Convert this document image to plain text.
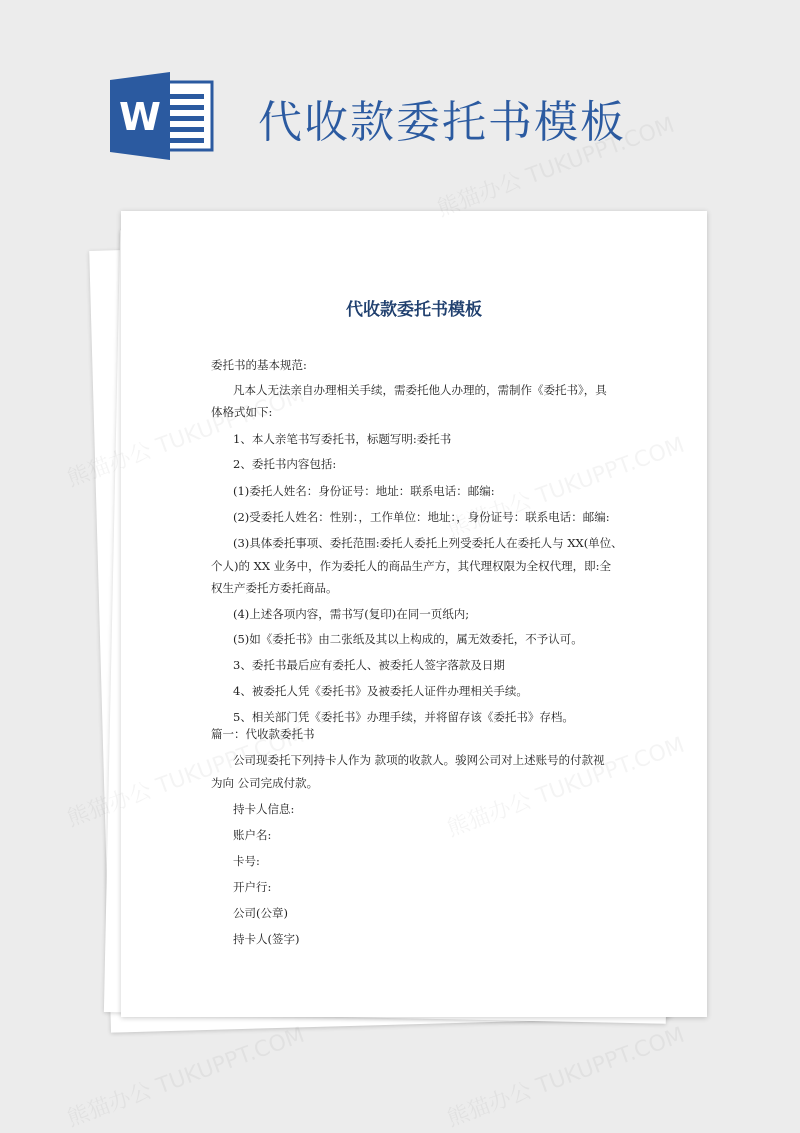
W 代收款委托书模板
代收款委托书模板
委托书的基本规范:
凡本人无法亲自办理相关手续，需委托他人办理的，需制作《委托书》，具
体格式如下:
1、本人亲笔书写委托书，标题写明:委托书
2、委托书内容包括:
(1)委托人姓名：身份证号：地址：联系电话：邮编:
(2)受委托人姓名：性别：，工作单位：地址：，身份证号：联系电话：邮编:
(3)具体委托事项、委托范围:委托人委托上列受委托人在委托人与 XX(单位、
个人)的 XX 业务中，作为委托人的商品生产方，其代理权限为全权代理，即:全
权生产委托方委托商品。
(4)上述各项内容，需书写(复印)在同一页纸内;
(5)如《委托书》由二张纸及其以上构成的，属无效委托，不予认可。
3、委托书最后应有委托人、被委托人签字落款及日期
4、被委托人凭《委托书》及被委托人证件办理相关手续。
5、相关部门凭《委托书》办理手续，并将留存该《委托书》存档。
篇一：代收款委托书
公司现委托下列持卡人作为 款项的收款人。骏网公司对上述账号的付款视
为向 公司完成付款。
持卡人信息:
账户名:
卡号:
开户行:
公司(公章)
持卡人(签字)
